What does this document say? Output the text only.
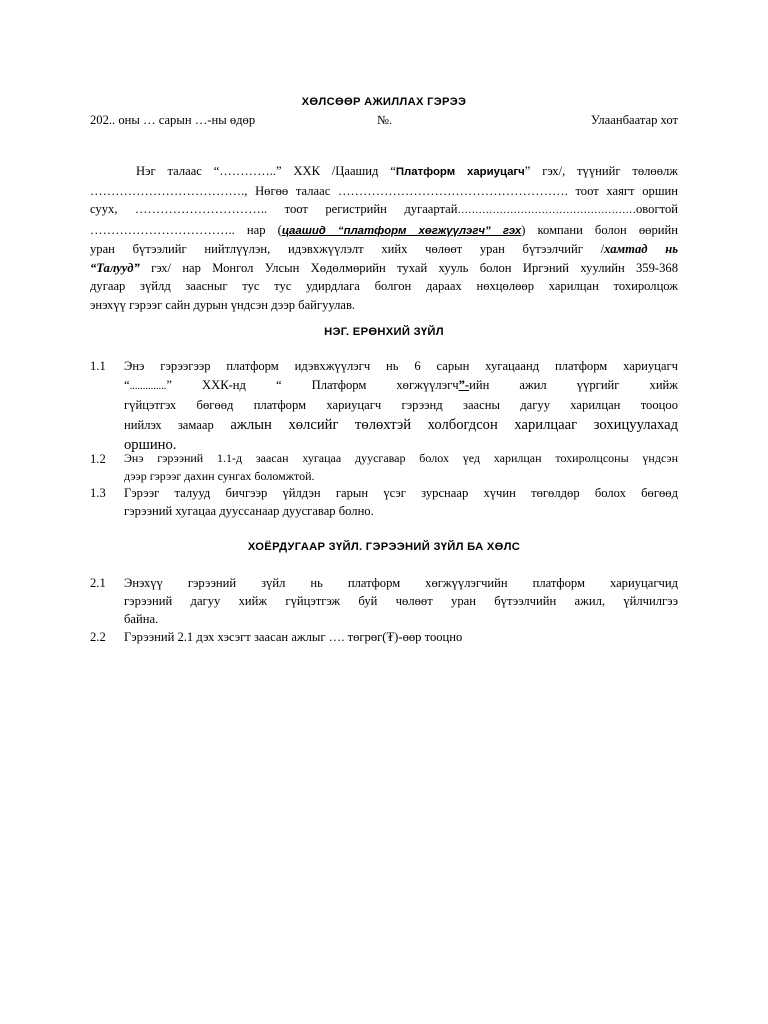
ХӨЛСӨӨР АЖИЛЛАХ ГЭРЭЭ
202.. оны … сарын …-ны өдөр	№.	Улаанбаатар хот
Нэг талаас “…………..” ХХК /Цаашид “Платформ хариуцагч” гэх/, түүнийг төлөөлж
………………………………., Нөгөө талаас ………………………………………………. тоот хаягт оршин
суух, ………………………….. тоот регистрийн дугаартай……………………………………………овогтой
…………………………….. нар (цаашид “платформ хөгжүүлэгч” гэх) компани болон өөрийн
уран бүтээлийг нийтлүүлэн, идэвхжүүлэлт хийх чөлөөт уран бүтээлчийг /хамтад нь
“Талууд” гэх/ нар Монгол Улсын Хөдөлмөрийн тухай хууль болон Иргэний хуулийн 359-368
дугаар зүйлд заасныг тус тус удирдлага болгон дараах нөхцөлөөр харилцан тохиролцож
энэхүү гэрээг сайн дурын үндсэн дээр байгуулав.
НЭГ. ЕРӨНХИЙ ЗҮЙЛ
1.1 Энэ гэрээгээр платформ идэвхжүүлэгч нь 6 сарын хугацаанд платформ хариуцагч
“..............” ХХК-нд “ Платформ хөгжүүлэгч”-ийн ажил үүргийг хийж
гүйцэтгэх бөгөөд платформ хариуцагч гэрээнд заасны дагуу харилцан тооцоо
нийлэх замаар ажлын хөлсийг төлөхтэй холбогдсон харилцааг зохицуулахад
оршино.
1.2 Энэ гэрээний 1.1-д заасан хугацаа дуусгавар болох үед харилцан тохиролцсоны үндсэн
дээр гэрээг дахин сунгах боломжтой.
1.3 Гэрээг талууд бичгээр үйлдэн гарын үсэг зурснаар хүчин төгөлдөр болох бөгөөд
гэрээний хугацаа дууссанаар дуусгавар болно.
ХОЁРДУГААР ЗҮЙЛ. ГЭРЭЭНИЙ ЗҮЙЛ БА ХӨЛС
2.1 Энэхүү гэрээний зүйл нь платформ хөгжүүлэгчийн платформ хариуцагчид
гэрээний дагуу хийж гүйцэтгэж буй чөлөөт уран бүтээлчийн ажил, үйлчилгээ
байна.
2.2 Гэрээний 2.1 дэх хэсэгт заасан ажлыг …. төгрөг(₮)-өөр тооцно
